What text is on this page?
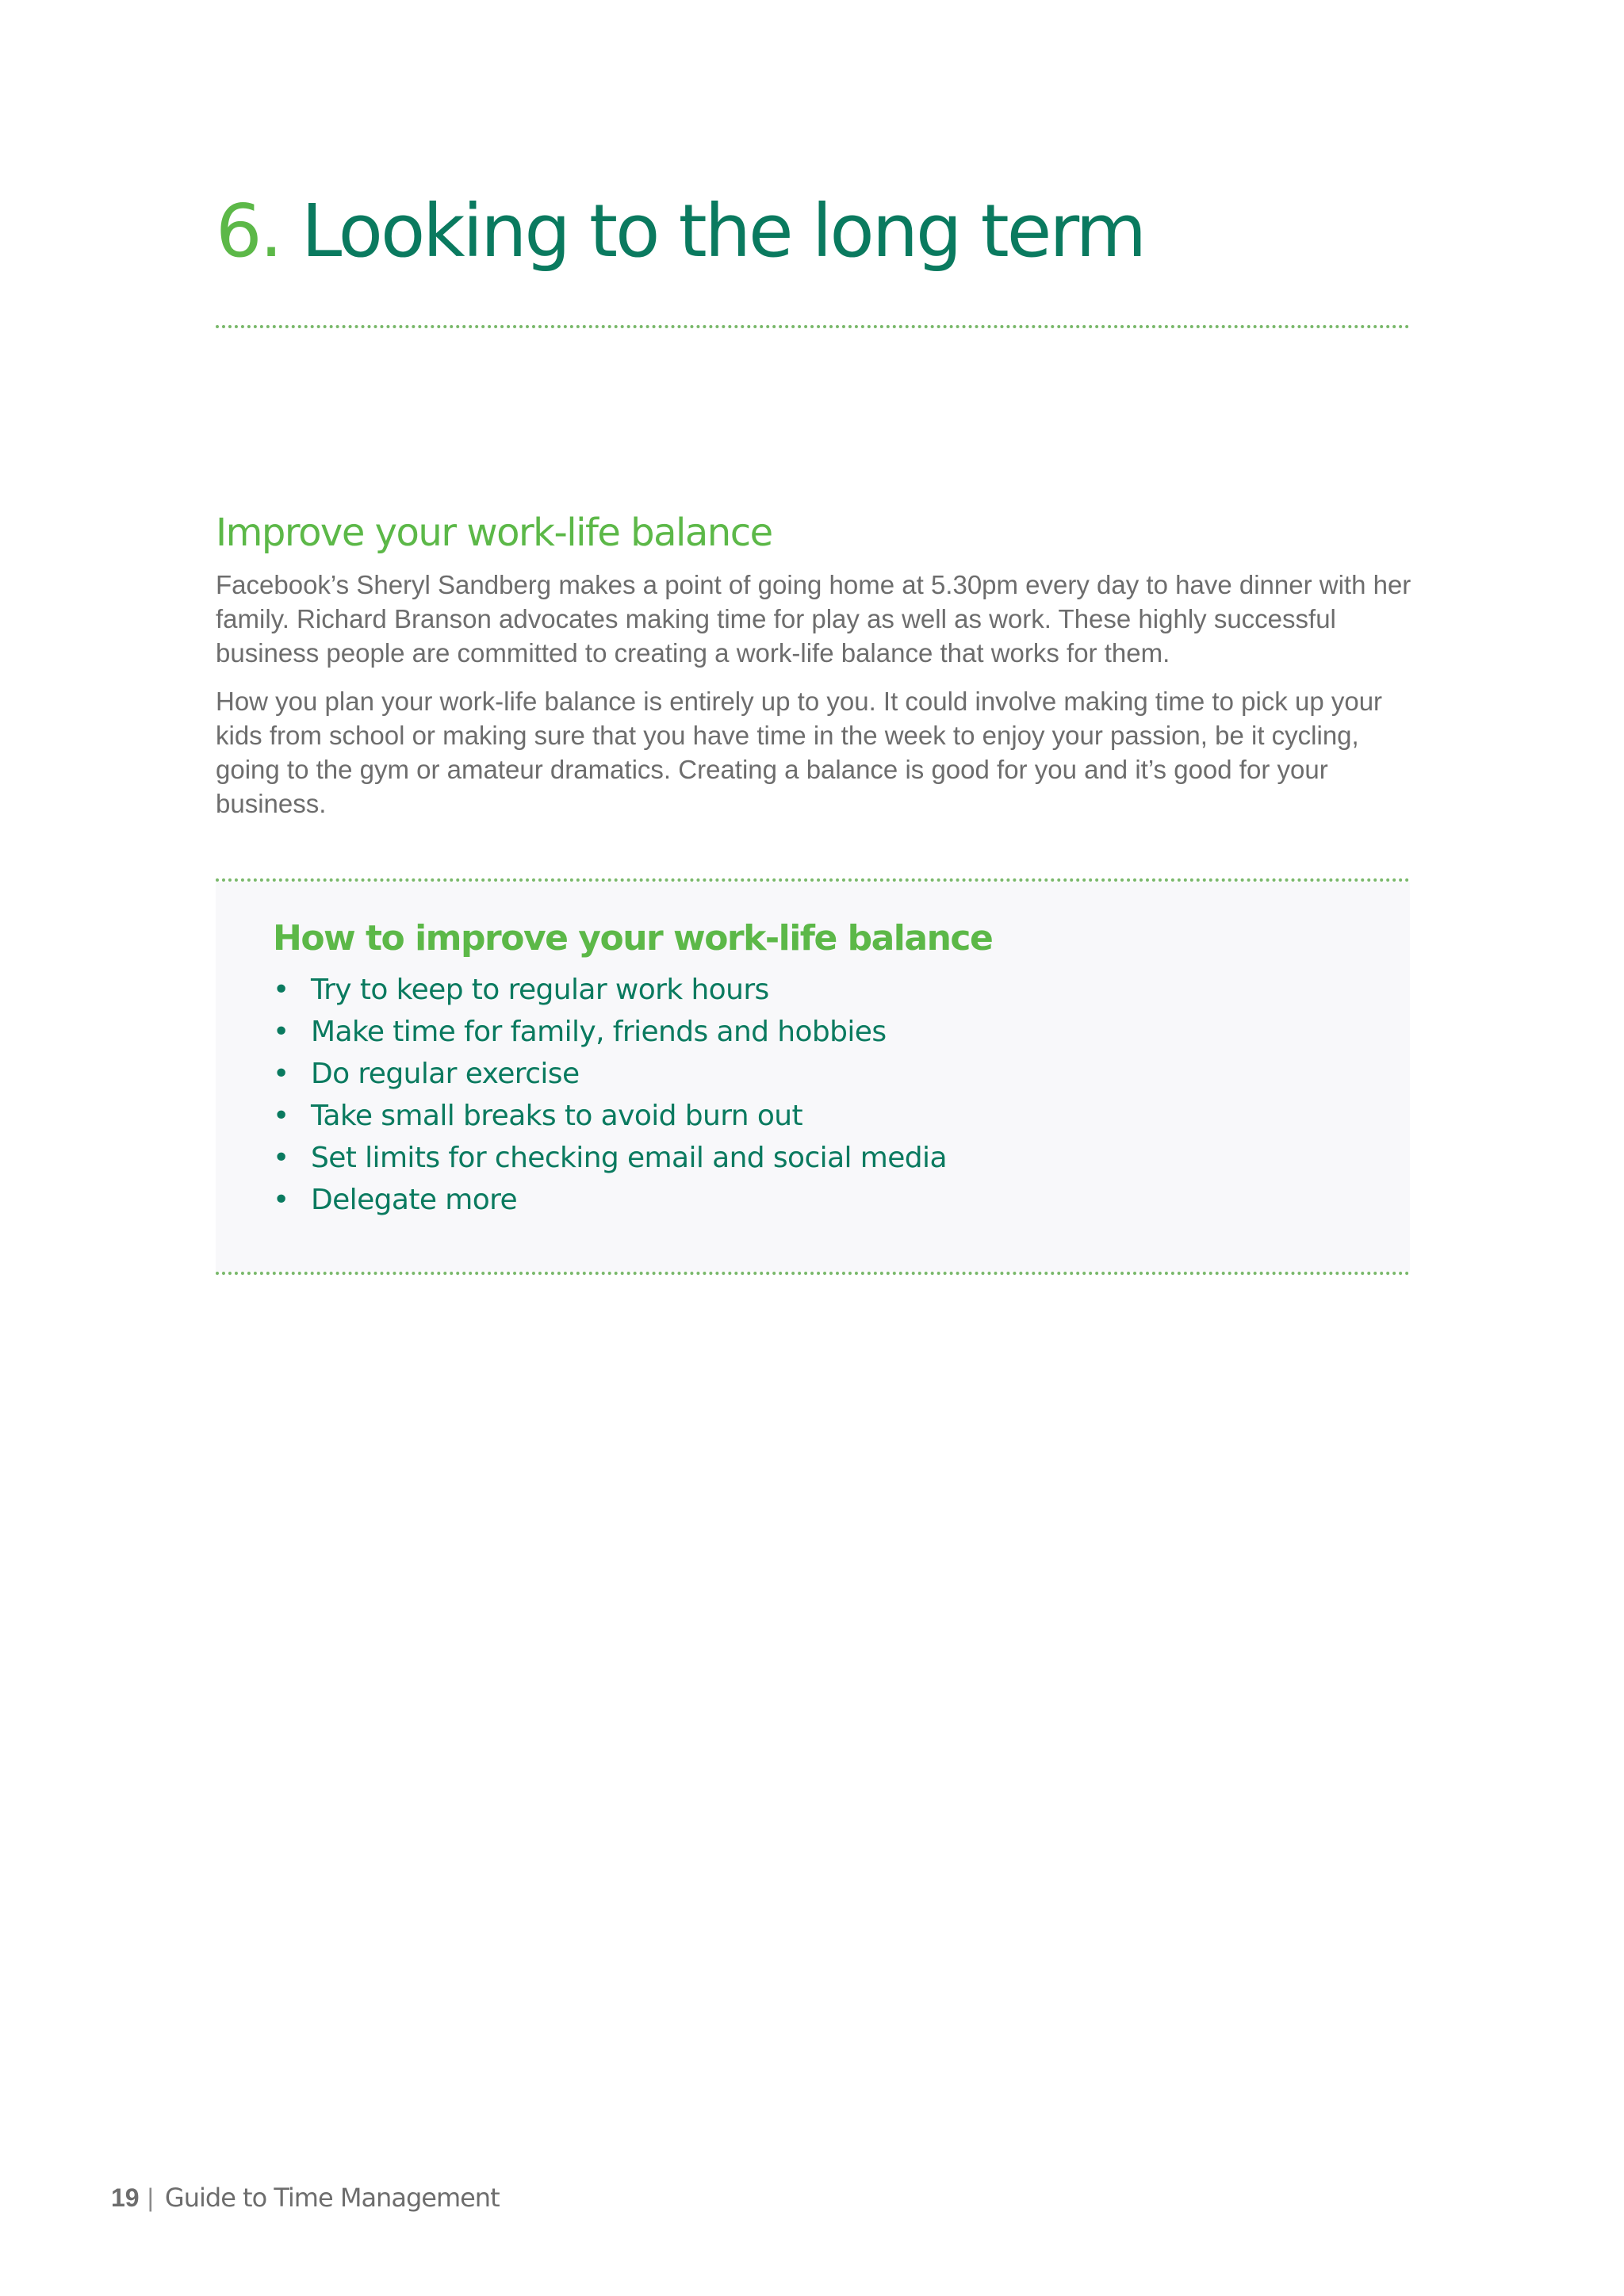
6. Looking to the long term
Improve your work-life balance

Facebook’s Sheryl Sandberg makes a point of going home at 5.30pm every day to have dinner with her family. Richard Branson advocates making time for play as well as work. These highly successful business people are committed to creating a work-life balance that works for them.

How you plan your work-life balance is entirely up to you. It could involve making time to pick up your kids from school or making sure that you have time in the week to enjoy your passion, be it cycling, going to the gym or amateur dramatics. Creating a balance is good for you and it’s good for your business.

How to improve your work-life balance
• Try to keep to regular work hours
• Make time for family, friends and hobbies
• Do regular exercise
• Take small breaks to avoid burn out
• Set limits for checking email and social media
• Delegate more
19 | Guide to Time Management
